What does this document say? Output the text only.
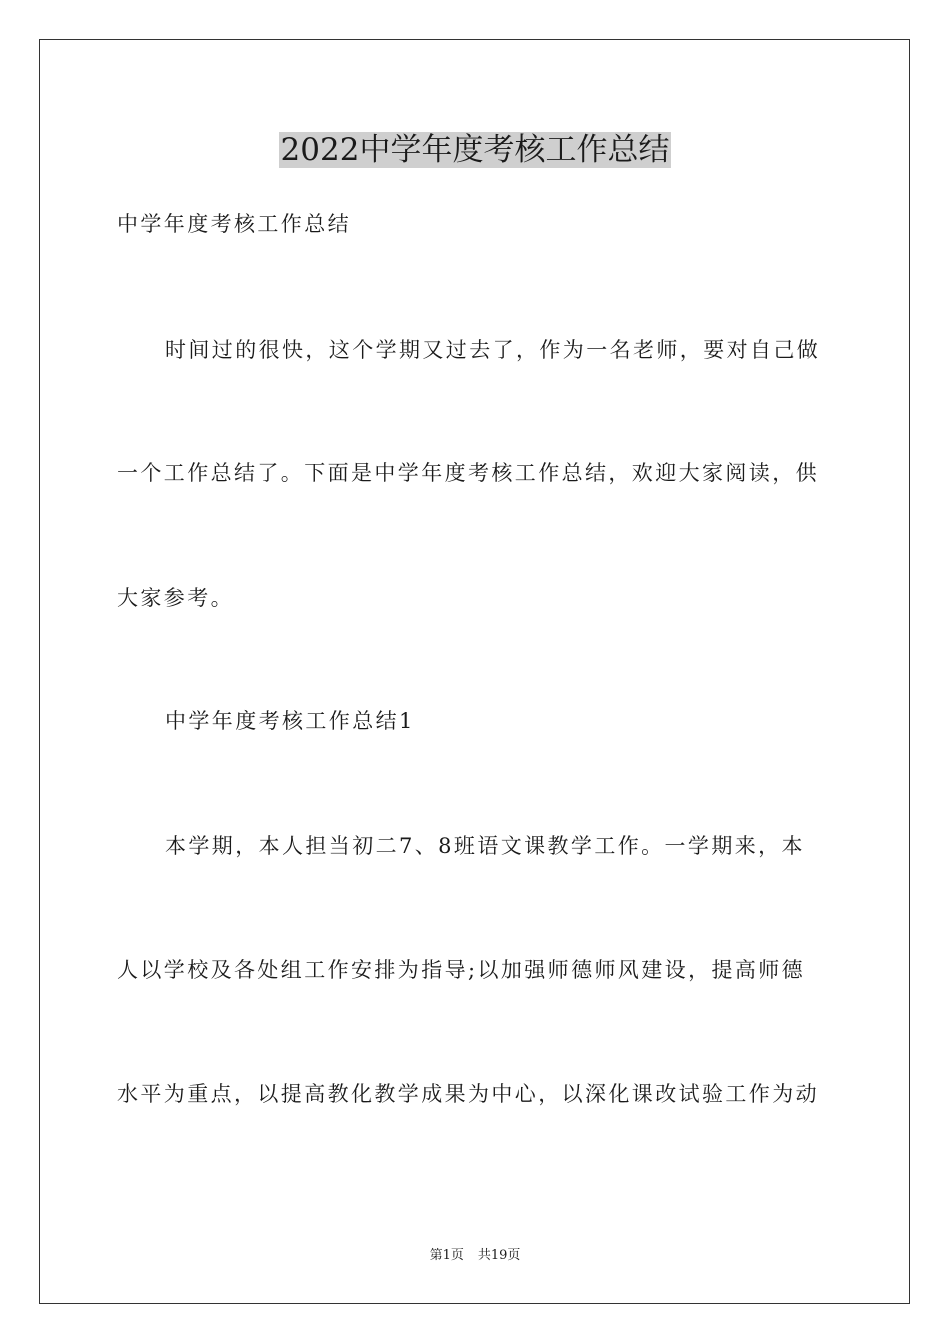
2022中学年度考核工作总结

中学年度考核工作总结

时间过的很快，这个学期又过去了，作为一名老师，要对自己做

一个工作总结了。下面是中学年度考核工作总结，欢迎大家阅读，供

大家参考。

中学年度考核工作总结1

本学期，本人担当初二7、8班语文课教学工作。一学期来，本

人以学校及各处组工作安排为指导;以加强师德师风建设，提高师德

水平为重点，以提高教化教学成果为中心，以深化课改试验工作为动

第1页 共19页
